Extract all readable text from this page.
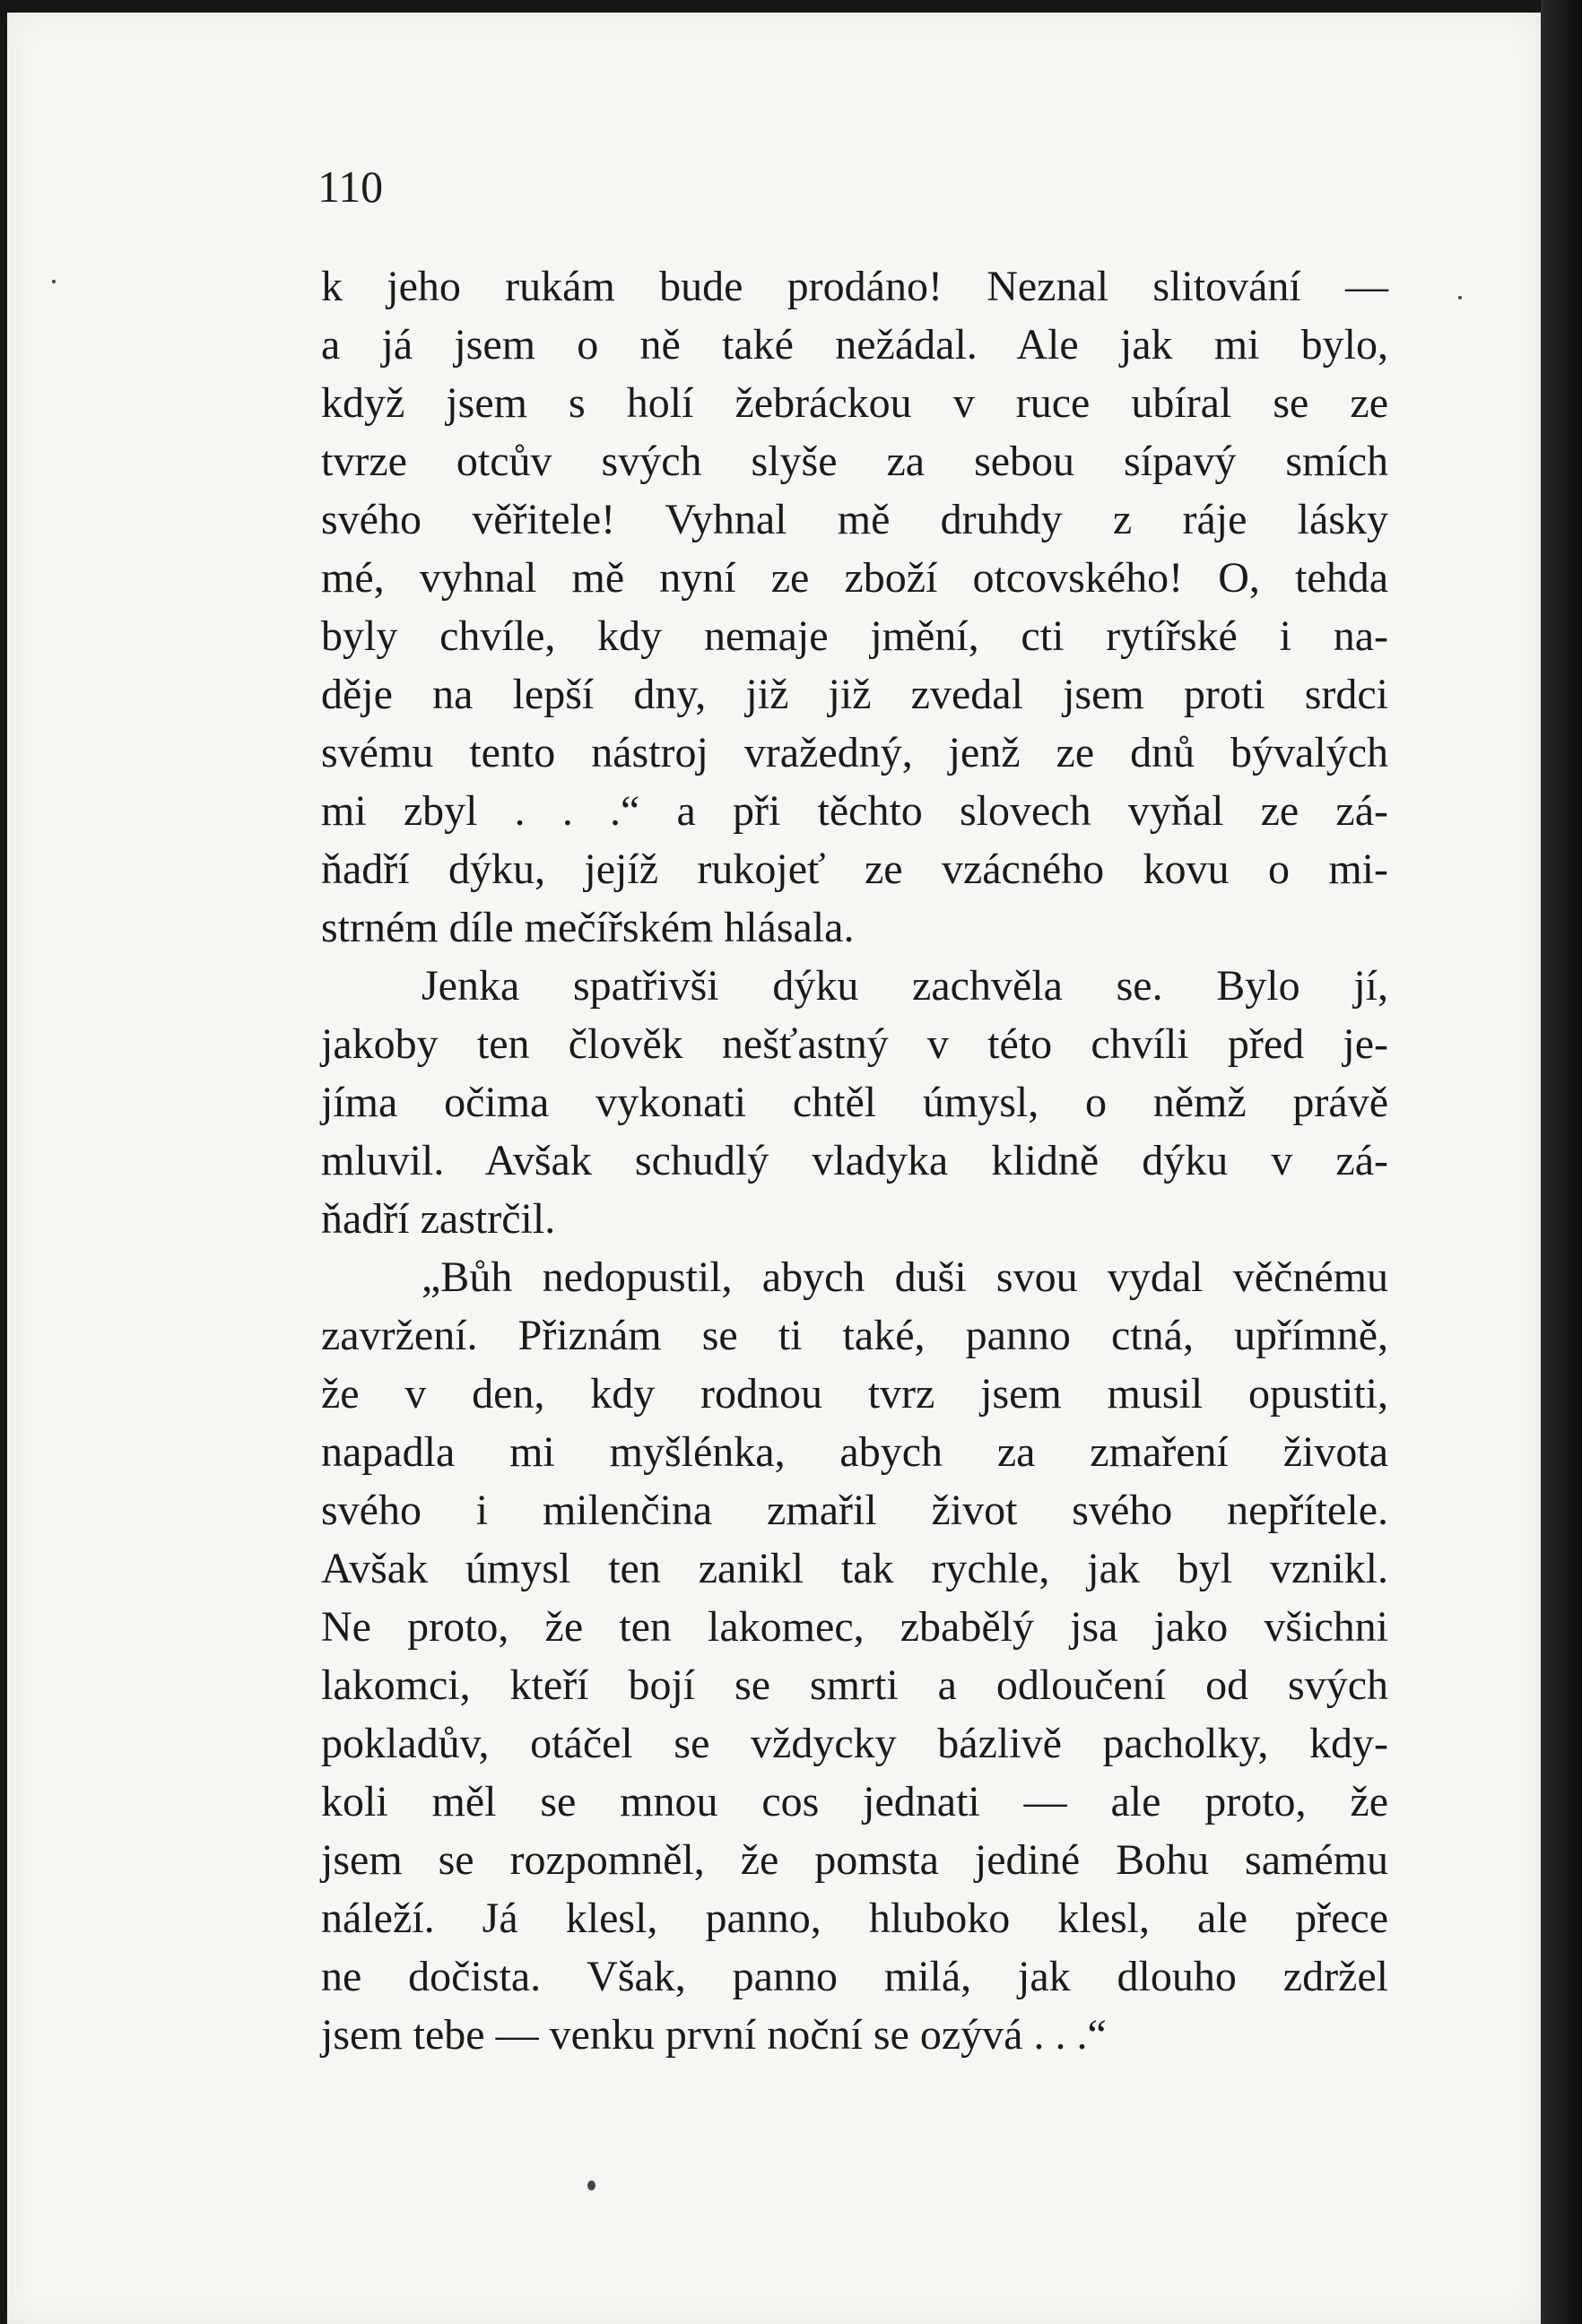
110
k jeho rukám bude prodáno! Neznal slitování —
a já jsem o ně také nežádal. Ale jak mi bylo,
když jsem s holí žebráckou v ruce ubíral se ze
tvrze otcův svých slyše za sebou sípavý smích
svého věřitele! Vyhnal mě druhdy z ráje lásky
mé, vyhnal mě nyní ze zboží otcovského! O, tehda
byly chvíle, kdy nemaje jmění, cti rytířské i na-
děje na lepší dny, již již zvedal jsem proti srdci
svému tento nástroj vražedný, jenž ze dnů bývalých
mi zbyl . . .“ a při těchto slovech vyňal ze zá-
ňadří dýku, jejíž rukojeť ze vzácného kovu o mi-
strném díle mečířském hlásala.
Jenka spatřivši dýku zachvěla se. Bylo jí,
jakoby ten člověk nešťastný v této chvíli před je-
jíma očima vykonati chtěl úmysl, o němž právě
mluvil. Avšak schudlý vladyka klidně dýku v zá-
ňadří zastrčil.
„Bůh nedopustil, abych duši svou vydal věčnému
zavržení. Přiznám se ti také, panno ctná, upřímně,
že v den, kdy rodnou tvrz jsem musil opustiti,
napadla mi myšlénka, abych za zmaření života
svého i milenčina zmařil život svého nepřítele.
Avšak úmysl ten zanikl tak rychle, jak byl vznikl.
Ne proto, že ten lakomec, zbabělý jsa jako všichni
lakomci, kteří bojí se smrti a odloučení od svých
pokladův, otáčel se vždycky bázlivě pacholky, kdy-
koli měl se mnou cos jednati — ale proto, že
jsem se rozpomněl, že pomsta jediné Bohu samému
náleží. Já klesl, panno, hluboko klesl, ale přece
ne dočista. Však, panno milá, jak dlouho zdržel
jsem tebe — venku první noční se ozývá . . .“
